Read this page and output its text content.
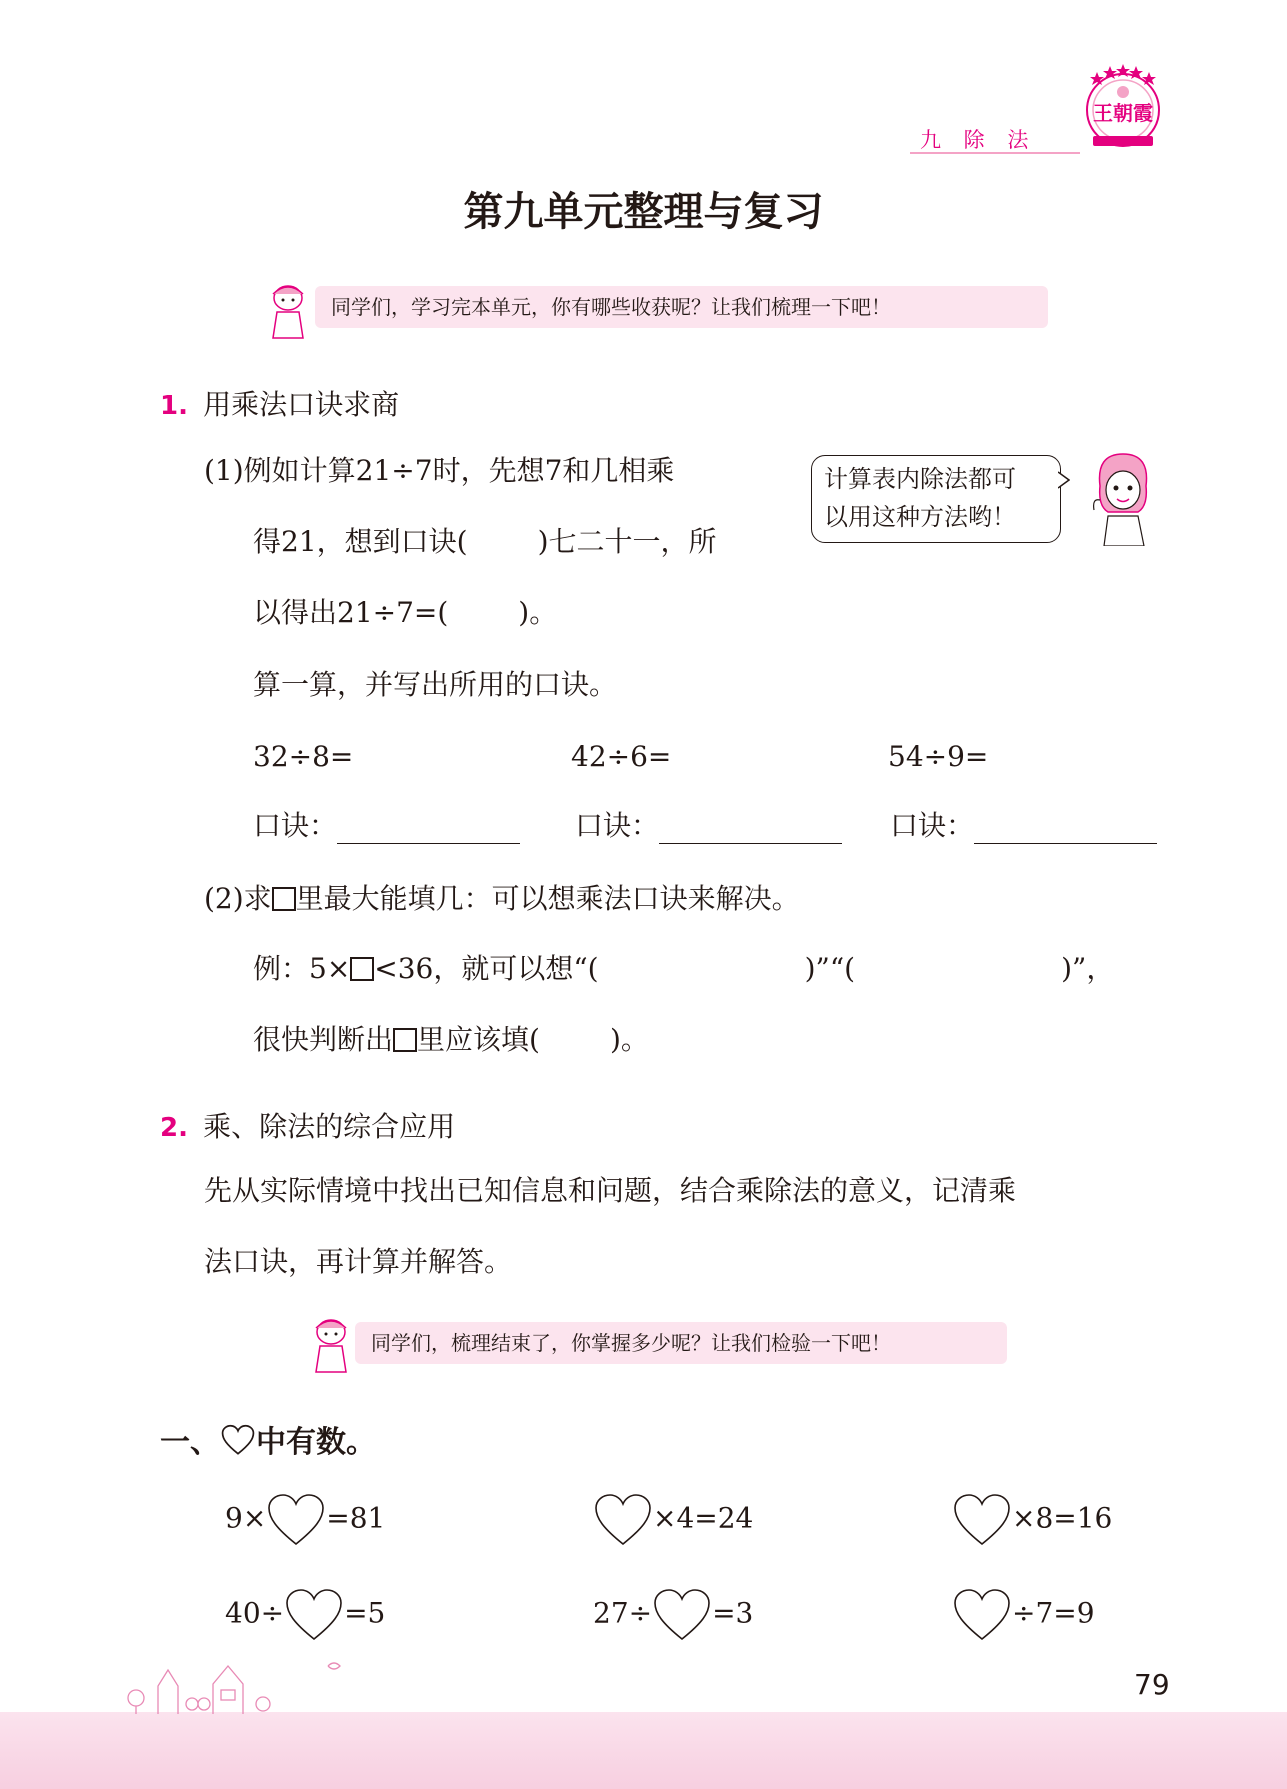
九 除 法
王朝霞
第九单元整理与复习
同学们，学习完本单元，你有哪些收获呢？让我们梳理一下吧！
1. 用乘法口诀求商
(1)例如计算21÷7时，先想7和几相乘
得21，想到口诀(	)七二十一，所
以得出21÷7=(	)。
算一算，并写出所用的口诀。
计算表内除法都可
以用这种方法哟！
32÷8=	42÷6=	54÷9=
口诀：	口诀：	口诀：
(2)求 里最大能填几：可以想乘法口诀来解决。
例：5× <36，就可以想“(	)”“(	)”，
很快判断出 里应该填(	)。
2. 乘、除法的综合应用
先从实际情境中找出已知信息和问题，结合乘除法的意义，记清乘
法口诀，再计算并解答。
同学们，梳理结束了，你掌握多少呢？让我们检验一下吧！
一、 中有数。
9× =81	×4=24	×8=16
40÷ =5	27÷ =3	÷7=9
79
